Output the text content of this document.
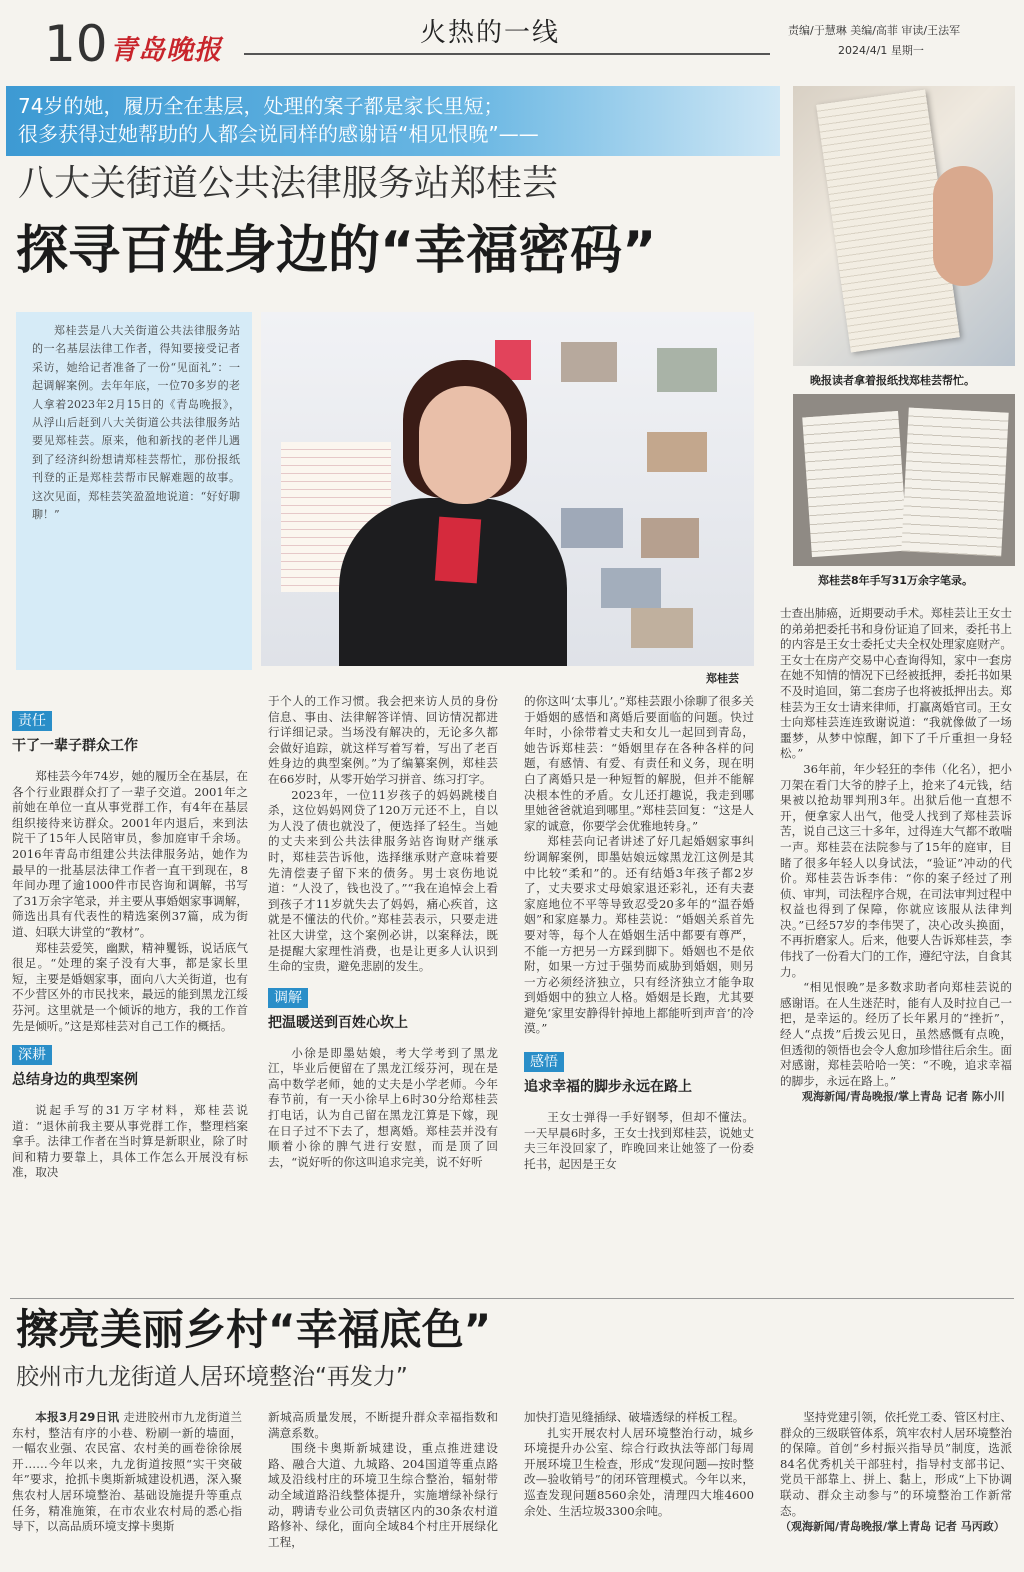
10 青岛晚报
火热的一线	责编/于慧琳 美编/高菲 审读/王法军
2024/4/1 星期一
74岁的她，履历全在基层，处理的案子都是家长里短；
很多获得过她帮助的人都会说同样的感谢语“相见恨晚”——
八大关街道公共法律服务站郑桂芸
探寻百姓身边的“幸福密码”
晚报读者拿着报纸找郑桂芸帮忙。
郑桂芸8年手写31万余字笔录。
郑桂芸是八大关街道公共法律服务站的一名基层法律工作者，得知要接受记者采访，她给记者准备了一份“见面礼”：一起调解案例。去年年底，一位70多岁的老人拿着2023年2月15日的《青岛晚报》，从浮山后赶到八大关街道公共法律服务站要见郑桂芸。原来，他和新找的老伴儿遇到了经济纠纷想请郑桂芸帮忙，那份报纸刊登的正是郑桂芸帮市民解难题的故事。这次见面，郑桂芸笑盈盈地说道：“好好聊聊！”
郑桂芸
责任
干了一辈子群众工作
郑桂芸今年74岁，她的履历全在基层，在各个行业跟群众打了一辈子交道。2001年之前她在单位一直从事党群工作，有4年在基层组织接待来访群众。2001年内退后，来到法院干了15年人民陪审员，参加庭审千余场。2016年青岛市组建公共法律服务站，她作为最早的一批基层法律工作者一直干到现在，8年间办理了逾1000件市民咨询和调解，书写了31万余字笔录，并主要从事婚姻家事调解，筛选出具有代表性的精选案例37篇，成为街道、妇联大讲堂的“教材”。
郑桂芸爱笑，幽默，精神矍铄，说话底气很足。“处理的案子没有大事，都是家长里短，主要是婚姻家事，面向八大关街道，也有不少营区外的市民找来，最远的能到黑龙江绥芬河。这里就是一个倾诉的地方，我的工作首先是倾听。”这是郑桂芸对自己工作的概括。
深耕
总结身边的典型案例
说起手写的31万字材料，郑桂芸说道：“退休前我主要从事党群工作，整理档案拿手。法律工作者在当时算是新职业，除了时间和精力要靠上，具体工作怎么开展没有标准，取决
于个人的工作习惯。我会把来访人员的身份信息、事由、法律解答详情、回访情况都进行详细记录。当场没有解决的，无论多久都会做好追踪，就这样写着写着，写出了老百姓身边的典型案例。”为了编纂案例，郑桂芸在66岁时，从零开始学习拼音、练习打字。
2023年，一位11岁孩子的妈妈跳楼自杀，这位妈妈网贷了120万元还不上，自以为人没了债也就没了，便选择了轻生。当她的丈夫来到公共法律服务站咨询财产继承时，郑桂芸告诉他，选择继承财产意味着要先清偿妻子留下来的债务。男士哀伤地说道：“人没了，钱也没了。”“我在追悼会上看到孩子才11岁就失去了妈妈，痛心疾首，这就是不懂法的代价。”郑桂芸表示，只要走进社区大讲堂，这个案例必讲，以案释法，既是提醒大家理性消费，也是让更多人认识到生命的宝贵，避免悲剧的发生。
调解
把温暖送到百姓心坎上
小徐是即墨姑娘，考大学考到了黑龙江，毕业后便留在了黑龙江绥芬河，现在是高中数学老师，她的丈夫是小学老师。今年春节前，有一天小徐早上6时30分给郑桂芸打电话，认为自己留在黑龙江算是下嫁，现在日子过不下去了，想离婚。郑桂芸并没有顺着小徐的脾气进行安慰，而是顶了回去，“说好听的你这叫追求完美，说不好听
的你这叫‘太事儿’。”郑桂芸跟小徐聊了很多关于婚姻的感悟和离婚后要面临的问题。快过年时，小徐带着丈夫和女儿一起回到青岛，她告诉郑桂芸：“婚姻里存在各种各样的问题，有感情、有爱、有责任和义务，现在明白了离婚只是一种短暂的解脱，但并不能解决根本性的矛盾。女儿还打趣说，我走到哪里她爸爸就追到哪里。”郑桂芸回复：“这是人家的诚意，你要学会优雅地转身。”
郑桂芸向记者讲述了好几起婚姻家事纠纷调解案例，即墨姑娘远嫁黑龙江这例是其中比较“柔和”的。还有结婚3年孩子都2岁了，丈夫要求丈母娘家退还彩礼，还有夫妻家庭地位不平等导致忍受20多年的“温吞婚姻”和家庭暴力。郑桂芸说：“婚姻关系首先要对等，每个人在婚姻生活中都要有尊严，不能一方把另一方踩到脚下。婚姻也不是依附，如果一方过于强势而威胁到婚姻，则另一方必须经济独立，只有经济独立才能争取到婚姻中的独立人格。婚姻是长跑，尤其要避免‘家里安静得针掉地上都能听到声音’的冷漠。”
感悟
追求幸福的脚步永远在路上
王女士弹得一手好钢琴，但却不懂法。一天早晨6时多，王女士找到郑桂芸，说她丈夫三年没回家了，昨晚回来让她签了一份委托书，起因是王女
士查出肺癌，近期要动手术。郑桂芸让王女士的弟弟把委托书和身份证追了回来，委托书上的内容是王女士委托丈夫全权处理家庭财产。王女士在房产交易中心查询得知，家中一套房在她不知情的情况下已经被抵押，委托书如果不及时追回，第二套房子也将被抵押出去。郑桂芸为王女士请来律师，打赢离婚官司。王女士向郑桂芸连连致谢说道：“我就像做了一场噩梦，从梦中惊醒，卸下了千斤重担一身轻松。”
36年前，年少轻狂的李伟（化名），把小刀架在看门大爷的脖子上，抢来了4元钱，结果被以抢劫罪判刑3年。出狱后他一直想不开，便拿家人出气，他受人找到了郑桂芸诉苦，说自己这三十多年，过得连大气都不敢喘一声。郑桂芸在法院参与了15年的庭审，目睹了很多年轻人以身试法，“验证”冲动的代价。郑桂芸告诉李伟：“你的案子经过了刑侦、审判，司法程序合规，在司法审判过程中权益也得到了保障，你就应该服从法律判决。”已经57岁的李伟哭了，决心改头换面，不再折磨家人。后来，他要人告诉郑桂芸，李伟找了一份看大门的工作，遵纪守法，自食其力。
“相见恨晚”是多数求助者向郑桂芸说的感谢语。在人生迷茫时，能有人及时拉自己一把，是幸运的。经历了长年累月的“挫折”，经人“点拨”后拨云见日，虽然感慨有点晚，但透彻的领悟也会令人愈加珍惜往后余生。面对感谢，郑桂芸哈哈一笑：“不晚，追求幸福的脚步，永远在路上。”
观海新闻/青岛晚报/掌上青岛 记者 陈小川
擦亮美丽乡村“幸福底色”
胶州市九龙街道人居环境整治“再发力”
本报3月29日讯 走进胶州市九龙街道兰东村，整洁有序的小巷、粉刷一新的墙面，一幅农业强、农民富、农村美的画卷徐徐展开……今年以来，九龙街道按照“实干突破年”要求，抢抓卡奥斯新城建设机遇，深入聚焦农村人居环境整治、基础设施提升等重点任务，精准施策，在市农业农村局的悉心指导下，以高品质环境支撑卡奥斯
新城高质量发展，不断提升群众幸福指数和满意系数。
围绕卡奥斯新城建设，重点推进建设路、融合大道、九城路、204国道等重点路域及沿线村庄的环境卫生综合整治，辐射带动全域道路沿线整体提升，实施增绿补绿行动，聘请专业公司负责辖区内的30条农村道路修补、绿化，面向全域84个村庄开展绿化工程，
加快打造见缝插绿、破墙透绿的样板工程。
扎实开展农村人居环境整治行动，城乡环境提升办公室、综合行政执法等部门每周开展环境卫生检查，形成“发现问题—按时整改—验收销号”的闭环管理模式。今年以来，巡查发现问题8560余处，清理四大堆4600余处、生活垃圾3300余吨。
坚持党建引领，依托党工委、管区村庄、群众的三级联管体系，筑牢农村人居环境整治的保障。首创“乡村振兴指导员”制度，选派84名优秀机关干部驻村，指导村支部书记、党员干部靠上、拼上、黏上，形成“上下协调联动、群众主动参与”的环境整治工作新常态。
（观海新闻/青岛晚报/掌上青岛 记者 马丙政）
